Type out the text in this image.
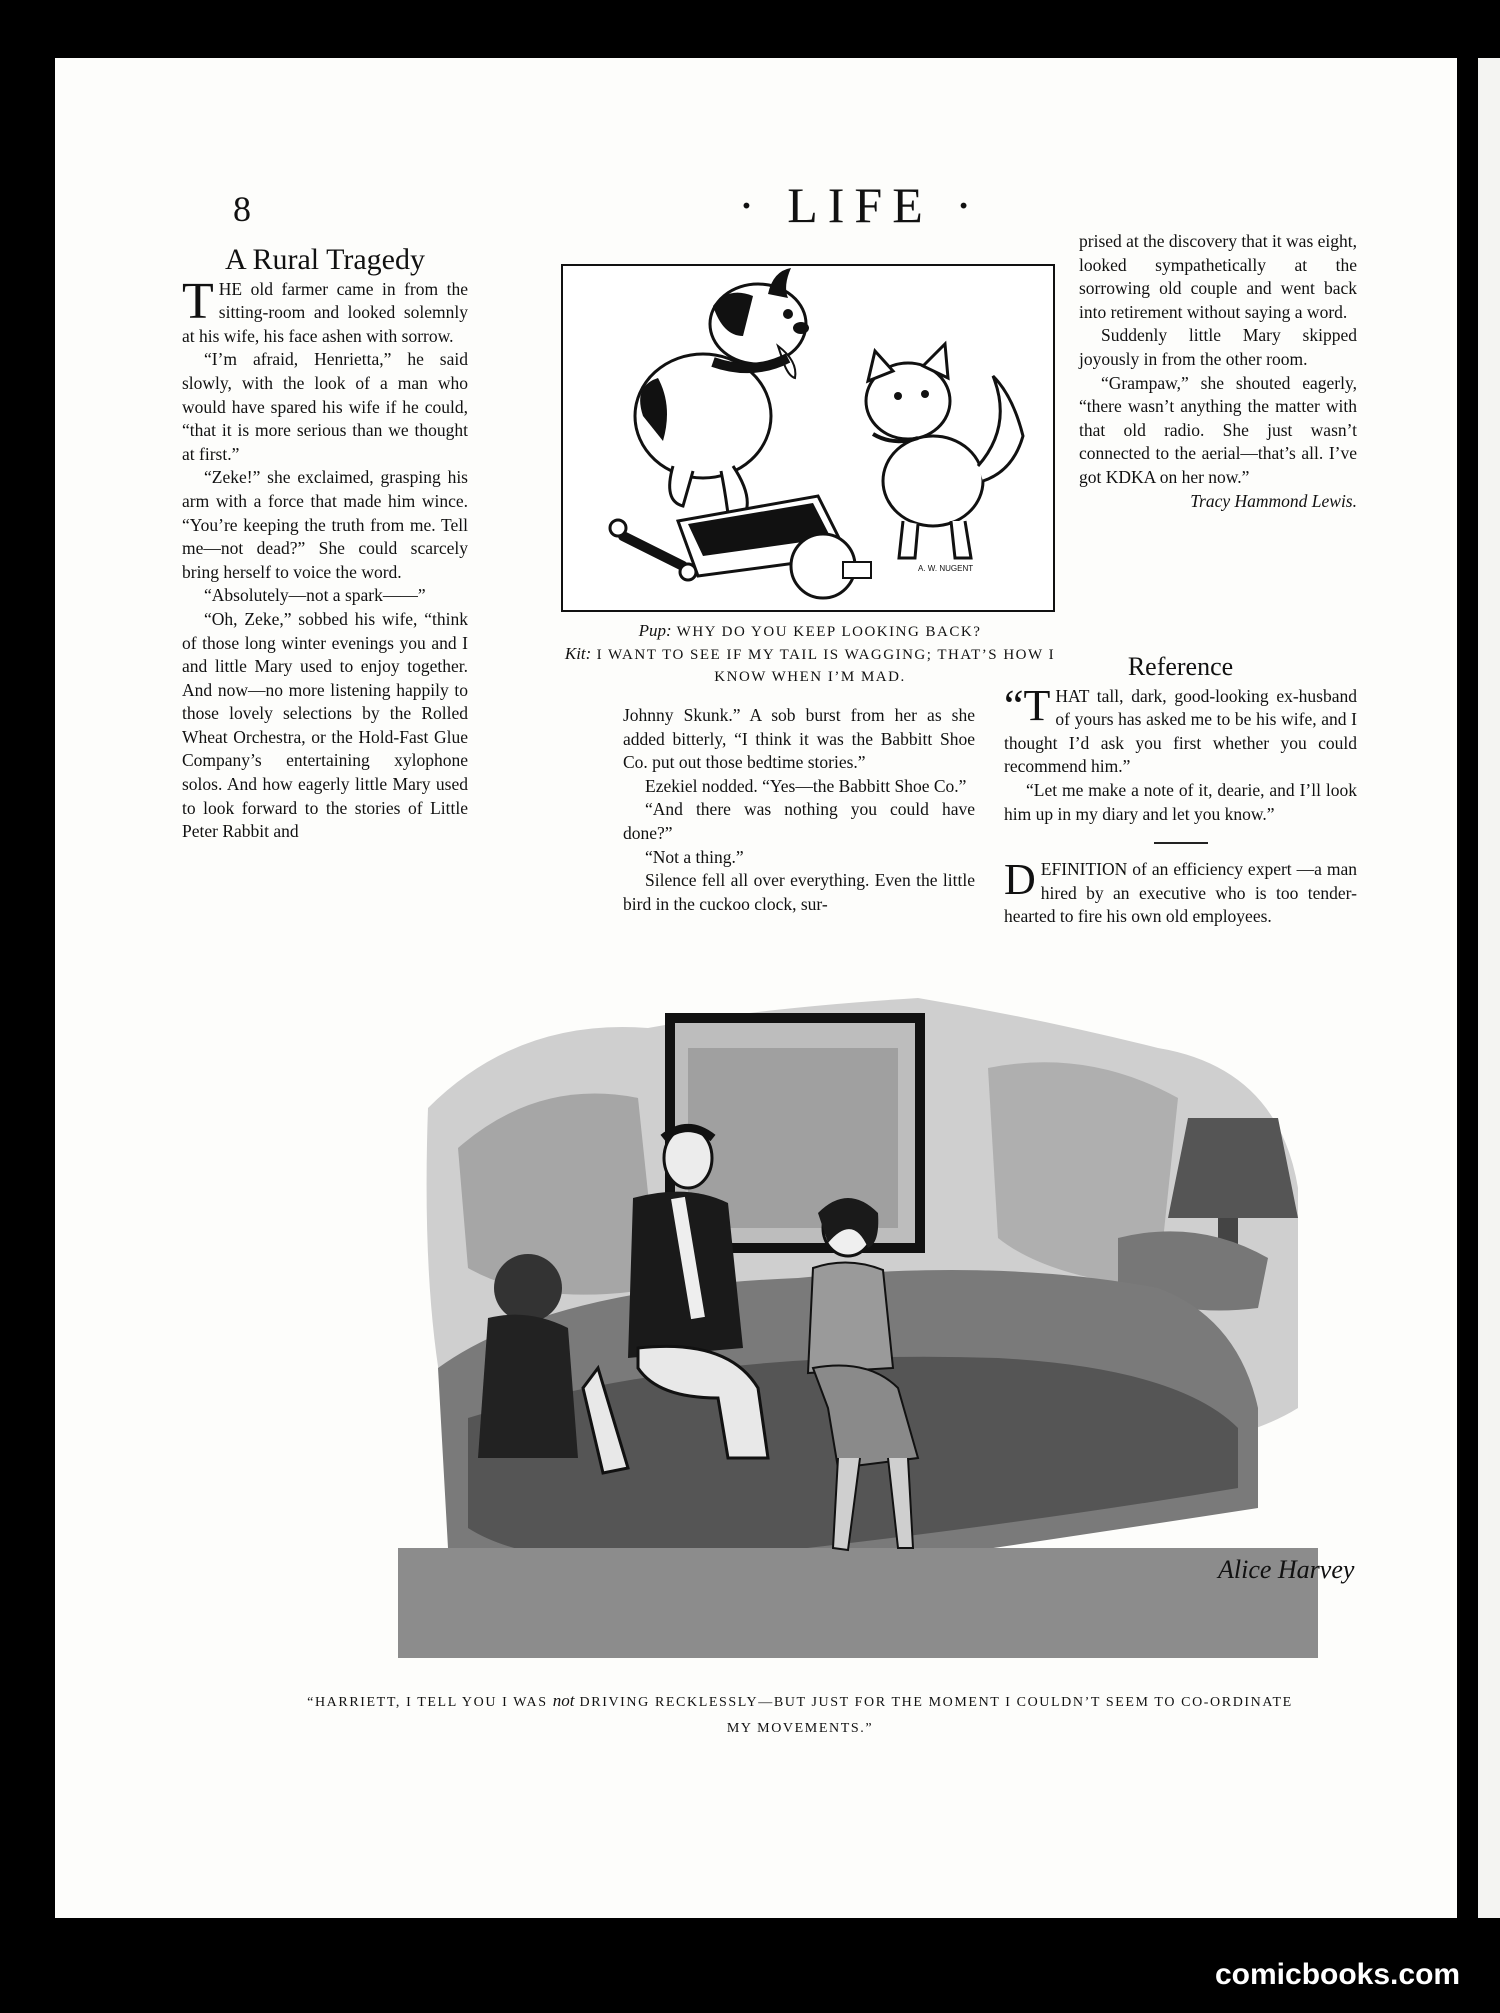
8	· LIFE ·
A Rural Tragedy

THE old farmer came in from the sitting-room and looked solemnly at his wife, his face ashen with sorrow.

“I’m afraid, Henrietta,” he said slowly, with the look of a man who would have spared his wife if he could, “that it is more serious than we thought at first.”

“Zeke!” she exclaimed, grasping his arm with a force that made him wince. “You’re keeping the truth from me. Tell me—not dead?” She could scarcely bring herself to voice the word.

“Absolutely—not a spark——”

“Oh, Zeke,” sobbed his wife, “think of those long winter evenings you and I and little Mary used to enjoy together. And now—no more listening happily to those lovely selections by the Rolled Wheat Orchestra, or the Hold-Fast Glue Company’s entertaining xylophone solos. And how eagerly little Mary used to look forward to the stories of Little Peter Rabbit and

A. W. NUGENT
Pup: WHY DO YOU KEEP LOOKING BACK?
Kit: I WANT TO SEE IF MY TAIL IS WAGGING; THAT’S HOW I KNOW WHEN I’M MAD.

Johnny Skunk.” A sob burst from her as she added bitterly, “I think it was the Babbitt Shoe Co. put out those bedtime stories.”

Ezekiel nodded. “Yes—the Babbitt Shoe Co.”

“And there was nothing you could have done?”

“Not a thing.”

Silence fell all over everything. Even the little bird in the cuckoo clock, sur-

prised at the discovery that it was eight, looked sympathetically at the sorrowing old couple and went back into retirement without saying a word.

Suddenly little Mary skipped joyously in from the other room.

“Grampaw,” she shouted eagerly, “there wasn’t anything the matter with that old radio. She just wasn’t connected to the aerial—that’s all. I’ve got KDKA on her now.”

Tracy Hammond Lewis.

Reference

“THAT tall, dark, good-looking ex-husband of yours has asked me to be his wife, and I thought I’d ask you first whether you could recommend him.”

“Let me make a note of it, dearie, and I’ll look him up in my diary and let you know.”

DEFINITION of an efficiency expert —a man hired by an executive who is too tender-hearted to fire his own old employees.

Alice Harvey
“HARRIETT, I TELL YOU I WAS not DRIVING RECKLESSLY—BUT JUST FOR THE MOMENT I COULDN’T SEEM TO CO-ORDINATE MY MOVEMENTS.”
comicbooks.com
